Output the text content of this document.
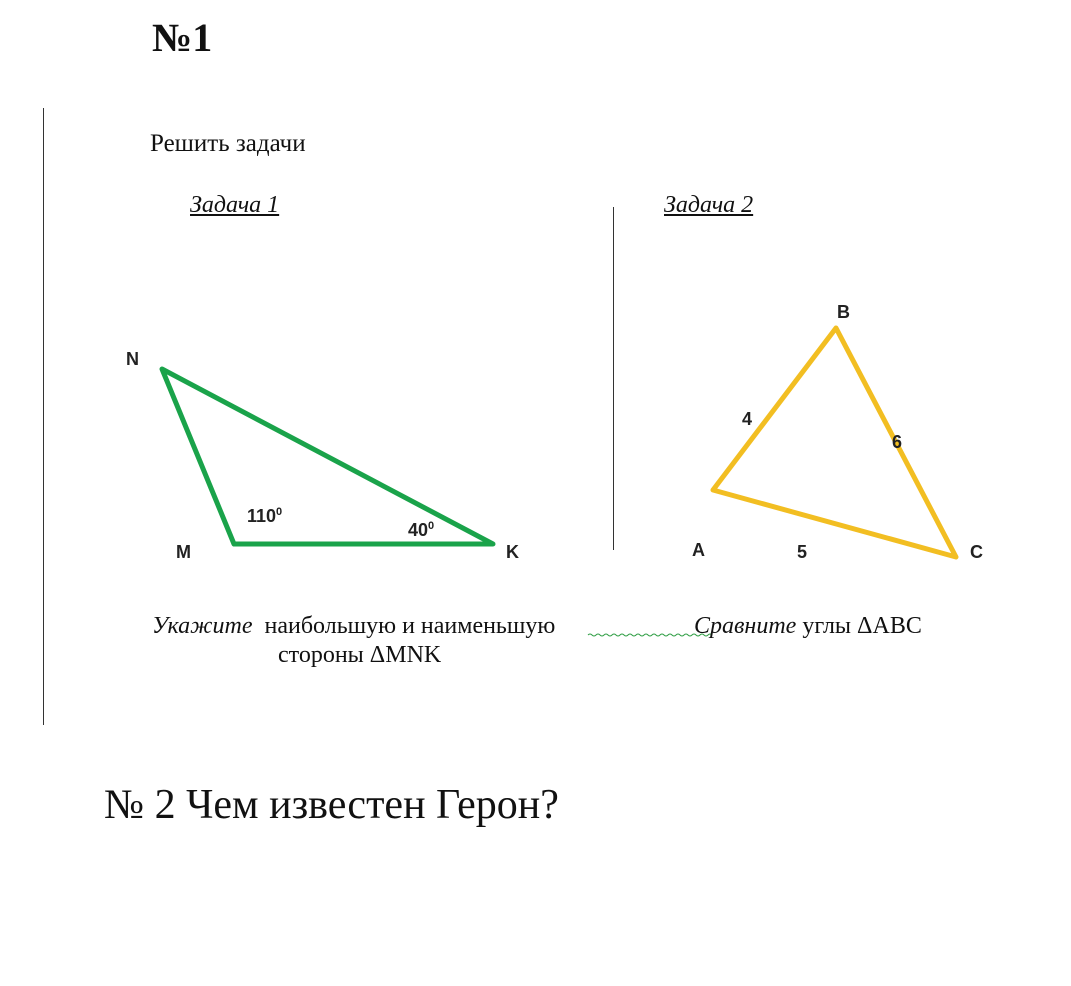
№1
Решить задачи
Задача 1	Задача 2
N
M	K
$110^0$
$40^0$
B
A	C
4
6
5
Укажите наибольшую и наименьшую
стороны ΔMNK
Сравните углы ΔABC
№ 2 Чем известен Герон?
